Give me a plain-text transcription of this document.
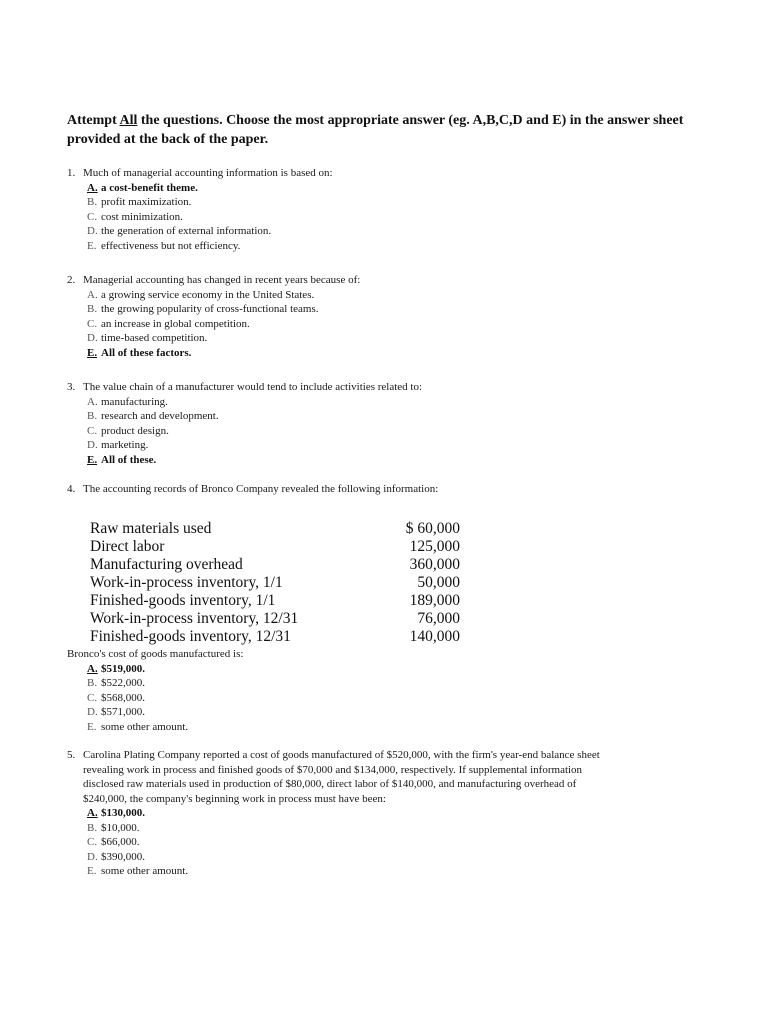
Attempt All the questions. Choose the most appropriate answer (eg. A,B,C,D and E) in the answer sheet provided at the back of the paper.
1. Much of managerial accounting information is based on:
A. a cost-benefit theme.
B. profit maximization.
C. cost minimization.
D. the generation of external information.
E. effectiveness but not efficiency.
2. Managerial accounting has changed in recent years because of:
A. a growing service economy in the United States.
B. the growing popularity of cross-functional teams.
C. an increase in global competition.
D. time-based competition.
E. All of these factors.
3. The value chain of a manufacturer would tend to include activities related to:
A. manufacturing.
B. research and development.
C. product design.
D. marketing.
E. All of these.
4. The accounting records of Bronco Company revealed the following information:
Raw materials used	$ 60,000
Direct labor	125,000
Manufacturing overhead	360,000
Work-in-process inventory, 1/1	50,000
Finished-goods inventory, 1/1	189,000
Work-in-process inventory, 12/31	76,000
Finished-goods inventory, 12/31	140,000
Bronco's cost of goods manufactured is:
A. $519,000.
B. $522,000.
C. $568,000.
D. $571,000.
E. some other amount.
5. Carolina Plating Company reported a cost of goods manufactured of $520,000, with the firm's year-end balance sheet

revealing work in process and finished goods of $70,000 and $134,000, respectively. If supplemental information

disclosed raw materials used in production of $80,000, direct labor of $140,000, and manufacturing overhead of

$240,000, the company's beginning work in process must have been:

A. $130,000.
B. $10,000.
C. $66,000.
D. $390,000.
E. some other amount.
